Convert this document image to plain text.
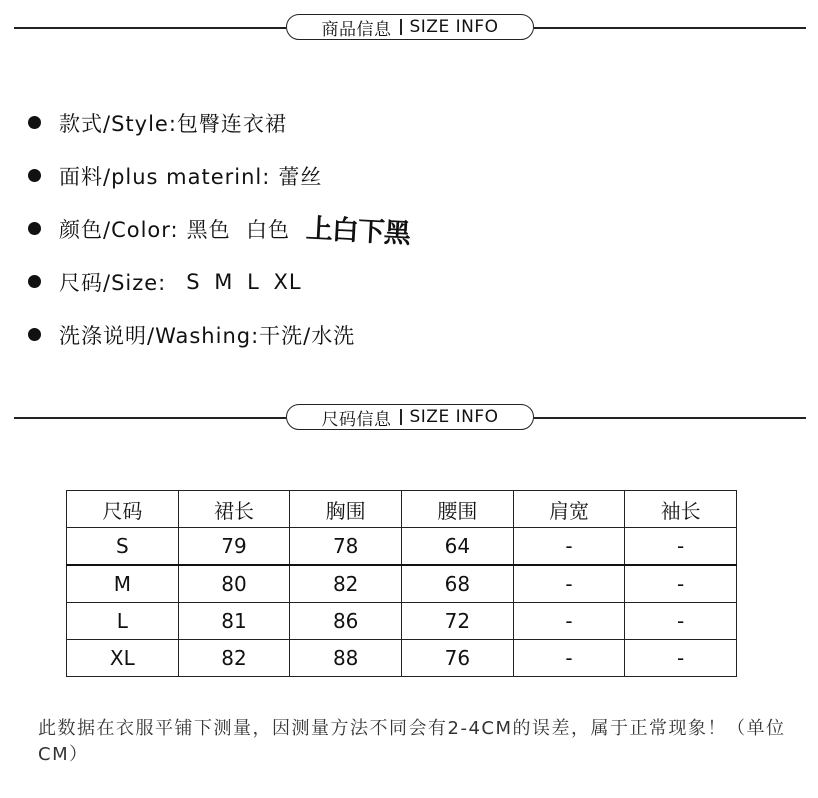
商品信息 SIZE INFO
款式/Style: 包臀连衣裙
面料/plus materinl: 蕾丝
颜色/Color: 黑色  白色 上白下黑
尺码/Size: S M L XL
洗涤说明/Washing: 干洗/水洗
尺码信息 SIZE INFO
尺码	裙长	胸围	腰围	肩宽	袖长
S	79	78	64	-	-
M	80	82	68	-	-
L	81	86	72	-	-
XL	82	88	76	-	-
此数据在衣服平铺下测量，因测量方法不同会有2-4CM的误差，属于正常现象！（单位CM）
